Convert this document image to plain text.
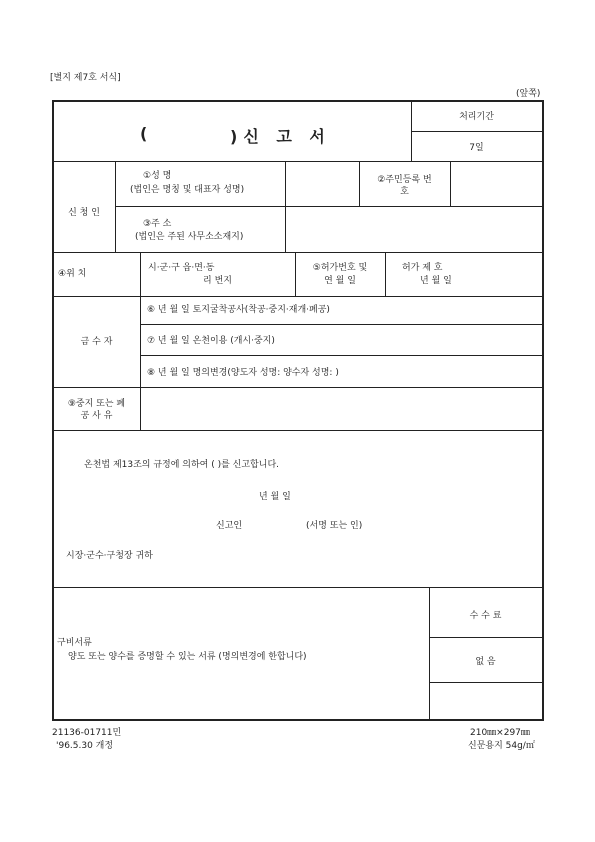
[별지 제7호 서식]
(앞쪽)
(	)신 고 서
처리기간
7일
신 청 인
①성 명
(법인은 명칭 및 대표자 성명)
②주민등록 번
호
③주 소
(법인은 주된 사무소소재지)
④위 치
시·군·구 읍·면·동
리 번지
⑤허가번호 및
연 월 일
허가 제 호
년 월 일
금 수 자
⑥ 년 월 일 토지굴착공사(착공·중지·재개·폐공)
⑦ 년 월 일 온천이용 (개시·중지)
⑧ 년 월 일 명의변경(양도자 성명: 양수자 성명: )
⑨중지 또는 폐
공 사 유
온천법 제13조의 규정에 의하여 ( )를 신고합니다.
년 월 일
신고인	(서명 또는 인)
시장·군수·구청장 귀하
구비서류
양도 또는 양수를 증명할 수 있는 서류 (명의변경에 한합니다)
수 수 료
없 음
21136-01711민
'96.5.30 개정
210㎜×297㎜
신문용지 54g/㎡
